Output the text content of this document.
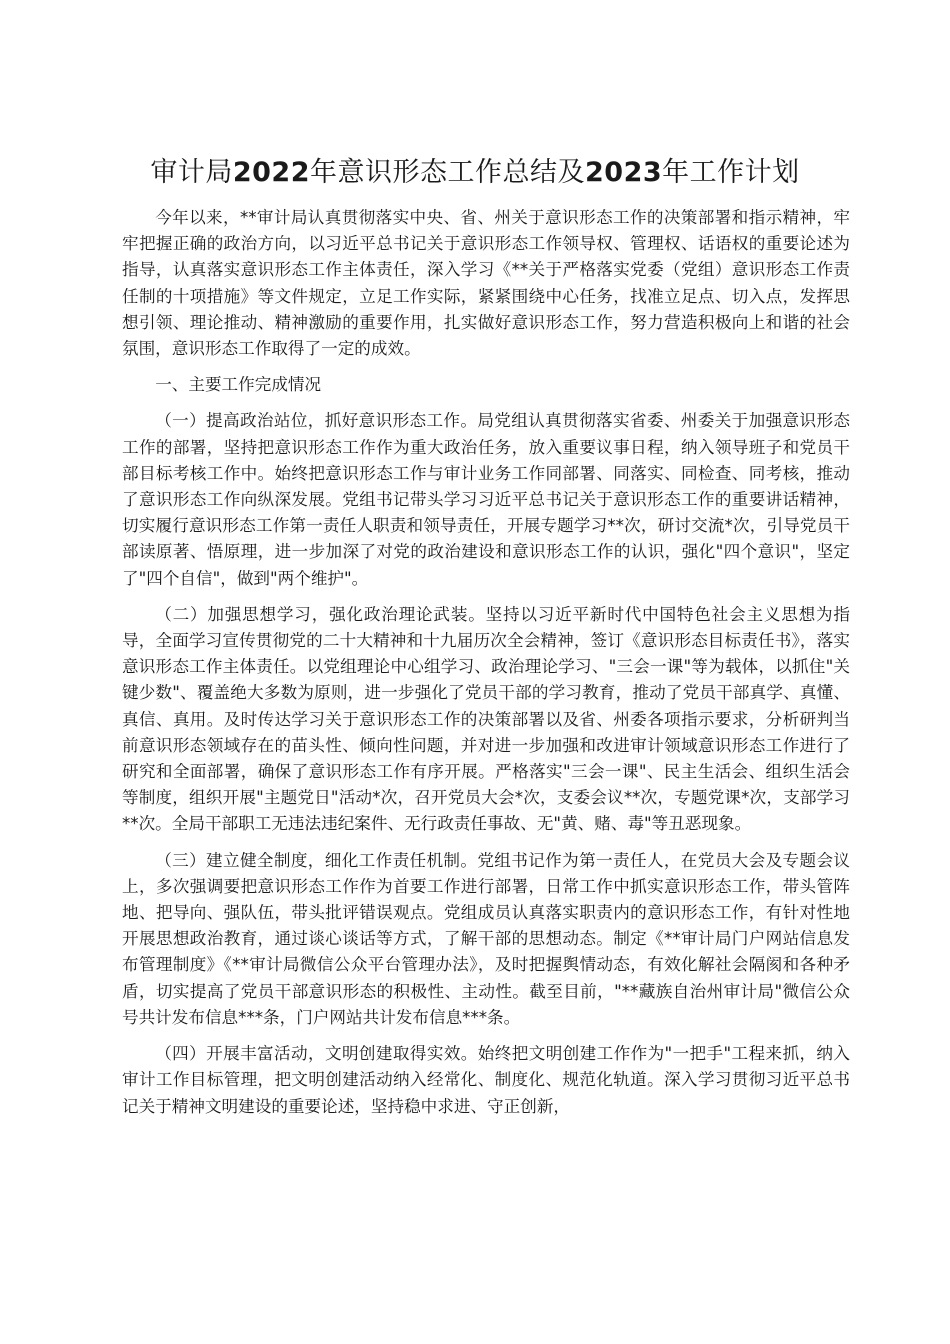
审计局2022年意识形态工作总结及2023年工作计划

今年以来，**审计局认真贯彻落实中央、省、州关于意识形态工作的决策部署和指示精神，牢牢把握正确的政治方向，以习近平总书记关于意识形态工作领导权、管理权、话语权的重要论述为指导，认真落实意识形态工作主体责任，深入学习《**关于严格落实党委（党组）意识形态工作责任制的十项措施》等文件规定，立足工作实际，紧紧围绕中心任务，找准立足点、切入点，发挥思想引领、理论推动、精神激励的重要作用，扎实做好意识形态工作，努力营造积极向上和谐的社会氛围，意识形态工作取得了一定的成效。

一、主要工作完成情况

（一）提高政治站位，抓好意识形态工作。局党组认真贯彻落实省委、州委关于加强意识形态工作的部署，坚持把意识形态工作作为重大政治任务，放入重要议事日程，纳入领导班子和党员干部目标考核工作中。始终把意识形态工作与审计业务工作同部署、同落实、同检查、同考核，推动了意识形态工作向纵深发展。党组书记带头学习习近平总书记关于意识形态工作的重要讲话精神，切实履行意识形态工作第一责任人职责和领导责任，开展专题学习**次，研讨交流*次，引导党员干部读原著、悟原理，进一步加深了对党的政治建设和意识形态工作的认识，强化"四个意识"，坚定了"四个自信"，做到"两个维护"。

（二）加强思想学习，强化政治理论武装。坚持以习近平新时代中国特色社会主义思想为指导，全面学习宣传贯彻党的二十大精神和十九届历次全会精神，签订《意识形态目标责任书》，落实意识形态工作主体责任。以党组理论中心组学习、政治理论学习、"三会一课"等为载体，以抓住"关键少数"、覆盖绝大多数为原则，进一步强化了党员干部的学习教育，推动了党员干部真学、真懂、真信、真用。及时传达学习关于意识形态工作的决策部署以及省、州委各项指示要求，分析研判当前意识形态领域存在的苗头性、倾向性问题，并对进一步加强和改进审计领域意识形态工作进行了研究和全面部署，确保了意识形态工作有序开展。严格落实"三会一课"、民主生活会、组织生活会等制度，组织开展"主题党日"活动*次，召开党员大会*次，支委会议**次，专题党课*次，支部学习**次。全局干部职工无违法违纪案件、无行政责任事故、无"黄、赌、毒"等丑恶现象。

（三）建立健全制度，细化工作责任机制。党组书记作为第一责任人，在党员大会及专题会议上，多次强调要把意识形态工作作为首要工作进行部署，日常工作中抓实意识形态工作，带头管阵地、把导向、强队伍，带头批评错误观点。党组成员认真落实职责内的意识形态工作，有针对性地开展思想政治教育，通过谈心谈话等方式，了解干部的思想动态。制定《**审计局门户网站信息发布管理制度》《**审计局微信公众平台管理办法》，及时把握舆情动态，有效化解社会隔阂和各种矛盾，切实提高了党员干部意识形态的积极性、主动性。截至目前，"**藏族自治州审计局"微信公众号共计发布信息***条，门户网站共计发布信息***条。

（四）开展丰富活动，文明创建取得实效。始终把文明创建工作作为"一把手"工程来抓，纳入审计工作目标管理，把文明创建活动纳入经常化、制度化、规范化轨道。深入学习贯彻习近平总书记关于精神文明建设的重要论述，坚持稳中求进、守正创新，
